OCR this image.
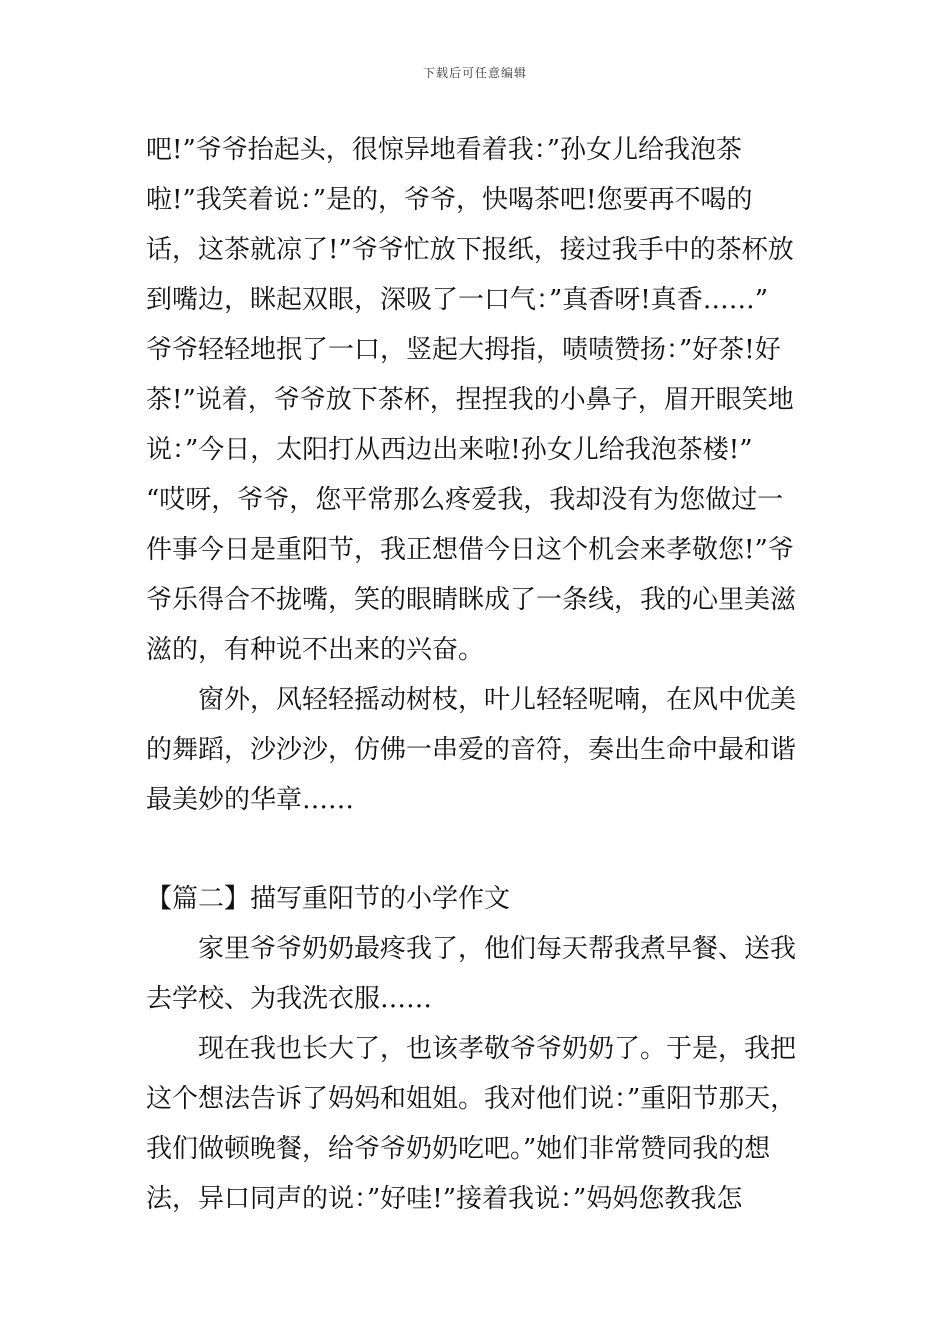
下载后可任意编辑
吧!”爷爷抬起头，很惊异地看着我：”孙女儿给我泡茶
啦!”我笑着说：”是的，爷爷，快喝茶吧!您要再不喝的
话，这茶就凉了!”爷爷忙放下报纸，接过我手中的茶杯放
到嘴边，眯起双眼，深吸了一口气：”真香呀!真香……”
爷爷轻轻地抿了一口，竖起大拇指，啧啧赞扬：”好茶!好
茶!”说着，爷爷放下茶杯，捏捏我的小鼻子，眉开眼笑地
说：”今日，太阳打从西边出来啦!孙女儿给我泡茶楼!”
“哎呀，爷爷，您平常那么疼爱我，我却没有为您做过一
件事今日是重阳节，我正想借今日这个机会来孝敬您!”爷
爷乐得合不拢嘴，笑的眼睛眯成了一条线，我的心里美滋
滋的，有种说不出来的兴奋。
　　窗外，风轻轻摇动树枝，叶儿轻轻呢喃，在风中优美
的舞蹈，沙沙沙，仿佛一串爱的音符，奏出生命中最和谐
最美妙的华章……
【篇二】描写重阳节的小学作文
　　家里爷爷奶奶最疼我了，他们每天帮我煮早餐、送我
去学校、为我洗衣服……
　　现在我也长大了，也该孝敬爷爷奶奶了。于是，我把
这个想法告诉了妈妈和姐姐。我对他们说：”重阳节那天，
我们做顿晚餐，给爷爷奶奶吃吧。”她们非常赞同我的想
法，异口同声的说：”好哇!”接着我说：”妈妈您教我怎
